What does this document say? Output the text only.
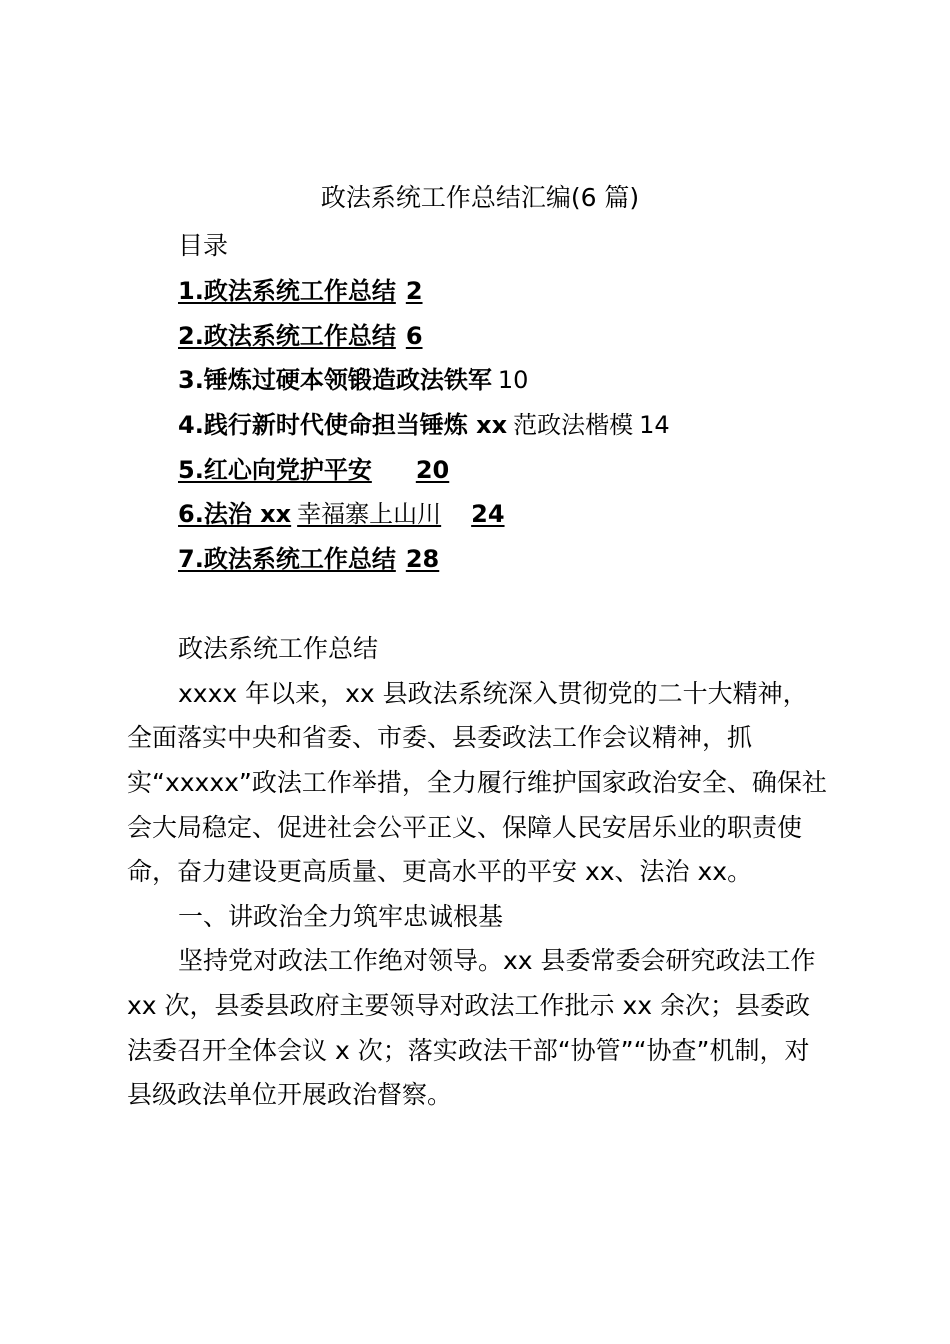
政法系统工作总结汇编(6 篇)
目录
1.政法系统工作总结 2
2.政法系统工作总结 6
3.锤炼过硬本领锻造政法铁军 10
4.践行新时代使命担当锤炼 xx 范政法楷模 14
5.红心向党护平安 20
6.法治 xx 幸福寨上山川 24
7.政法系统工作总结 28
政法系统工作总结
xxxx 年以来，xx 县政法系统深入贯彻党的二十大精神，
全面落实中央和省委、市委、县委政法工作会议精神，抓
实“xxxxx”政法工作举措，全力履行维护国家政治安全、确保社
会大局稳定、促进社会公平正义、保障人民安居乐业的职责使
命，奋力建设更高质量、更高水平的平安 xx、法治 xx。
一、讲政治全力筑牢忠诚根基
坚持党对政法工作绝对领导。xx 县委常委会研究政法工作
xx 次，县委县政府主要领导对政法工作批示 xx 余次；县委政
法委召开全体会议 x 次；落实政法干部“协管”“协查”机制，对
县级政法单位开展政治督察。
